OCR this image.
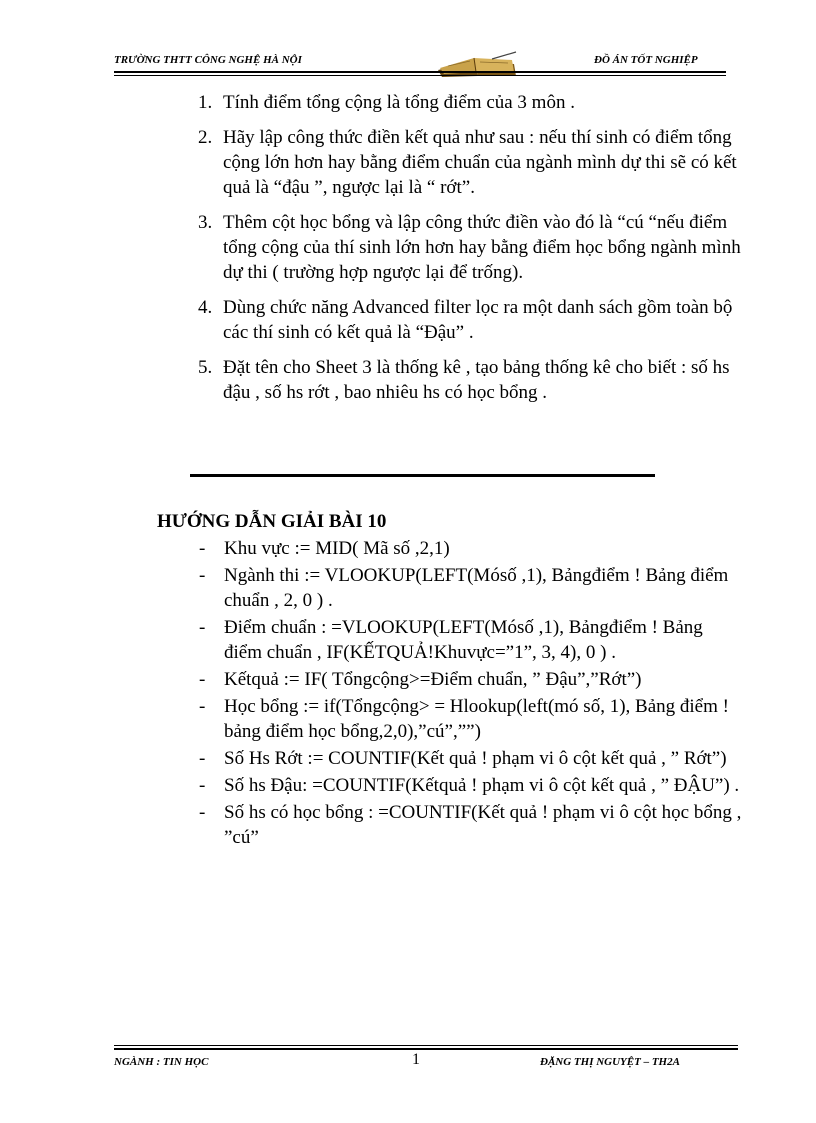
TRƯỜNG THTT CÔNG NGHỆ HÀ NỘI	ĐỒ ÁN TỐT NGHIỆP
1. Tính điểm tổng cộng là tổng điểm của 3 môn .
2. Hãy lập công thức điền kết quả như sau : nếu thí sinh có điểm tổng cộng lớn hơn hay bằng điểm chuẩn của ngành mình dự thi sẽ có kết quả là “đậu ”, ngược lại là “ rớt”.
3. Thêm cột học bổng và lập công thức điền vào đó là “cú “nếu điểm tổng cộng của thí sinh lớn hơn hay bằng điểm học bổng ngành mình dự thi ( trường hợp ngược lại để trống).
4. Dùng chức năng Advanced filter lọc ra một danh sách gồm toàn bộ các thí sinh có kết quả là “Đậu” .
5. Đặt tên cho Sheet 3 là thống kê , tạo bảng thống kê cho biết : số hs đậu , số hs rớt , bao nhiêu hs có học bổng .
HƯỚNG DẪN GIẢI BÀI 10
- Khu vực := MID( Mã số ,2,1)
- Ngành thi := VLOOKUP(LEFT(Mósố ,1), Bảngđiểm ! Bảng điểm chuẩn , 2, 0 ) .
- Điểm chuẩn : =VLOOKUP(LEFT(Mósố ,1), Bảngđiểm ! Bảng điểm chuẩn , IF(KẾTQUẢ!Khuvực=”1”, 3, 4), 0 ) .
- Kếtquả := IF( Tổngcộng>=Điểm chuẩn, ” Đậu”,”Rớt”)
- Học bổng := if(Tổngcộng> = Hlookup(left(mó số, 1), Bảng điểm ! bảng điểm học bổng,2,0),”cú”,””)
- Số Hs Rớt := COUNTIF(Kết quả ! phạm vi ô cột kết quả , ” Rớt”)
- Số hs Đậu: =COUNTIF(Kếtquả ! phạm vi ô cột kết quả , ” ĐẬU”) .
- Số hs có học bổng : =COUNTIF(Kết quả ! phạm vi ô cột học bổng , ”cú”
NGÀNH : TIN HỌC	1	ĐẶNG THỊ NGUYỆT – TH2A
